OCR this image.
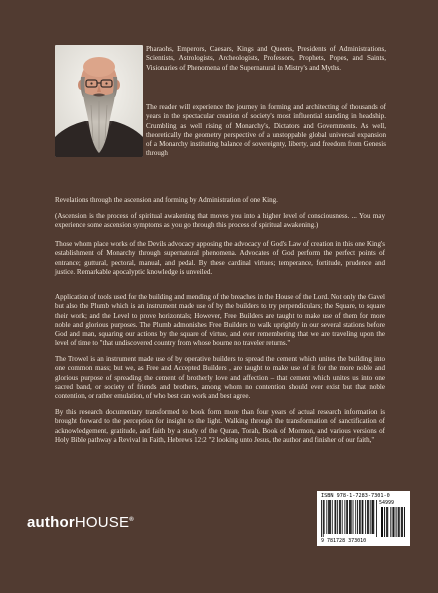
Pharaohs, Emperors, Caesars, Kings and Queens, Presidents of Administrations, Scientists, Astrologists, Archeologists, Professors, Prophets, Popes, and Saints, Visionaries of Phenomena of the Supernatural in Mistry's and Myths.

The reader will experience the journey in forming and architecting of thousands of years in the spectacular creation of society's most influential standing in headship. Crumbling as well rising of Monarchy's, Dictators and Governments. As well, theoretically the geometry perspective of a unstoppable global universal expansion of a Monarchy instituting balance of sovereignty, liberty, and freedom from Genesis through

Revelations through the ascension and forming by Administration of one King.

(Ascension is the process of spiritual awakening that moves you into a higher level of consciousness. ... You may experience some ascension symptoms as you go through this process of spiritual awakening.)

Those whom place works of the Devils advocacy apposing the advocacy of God's Law of creation in this one King's establishment of Monarchy through supernatural phenomena. Advocates of God perform the perfect points of entrance; guttural, pectoral, manual, and pedal. By these cardinal virtues; temperance, fortitude, prudence and justice. Remarkable apocalyptic knowledge is unveiled.

Application of tools used for the building and mending of the breaches in the House of the Lord. Not only the Gavel but also the Plumb which is an instrument made use of by the builders to try perpendiculars; the Square, to square their work; and the Level to prove horizontals; However, Free Builders are taught to make use of them for more noble and glorious purposes. The Plumb admonishes Free Builders to walk uprightly in our several stations before God and man, squaring our actions by the square of virtue, and ever remembering that we are traveling upon the level of time to "that undiscovered country from whose bourne no traveler returns."

The Trowel is an instrument made use of by operative builders to spread the cement which unites the building into one common mass; but we, as Free and Accepted Builders , are taught to make use of it for the more noble and glorious purpose of spreading the cement of brotherly love and affection – that cement which unites us into one sacred band, or society of friends and brothers, among whom no contention should ever exist but that noble contention, or rather emulation, of who best can work and best agree.

By this research documentary transformed to book form more than four years of actual research information is brought forward to the perception for insight to the light. Walking through the transformation of sanctification of acknowledgement, gratitude, and faith by a study of the Quran, Torah, Book of Mormon, and various versions of Holy Bible pathway a Revival in Faith, Hebrews 12:2 "2 looking unto Jesus, the author and finisher of our faith,"

authorHOUSE®
ISBN 978-1-7283-7301-0
54999
9 781728 373010
